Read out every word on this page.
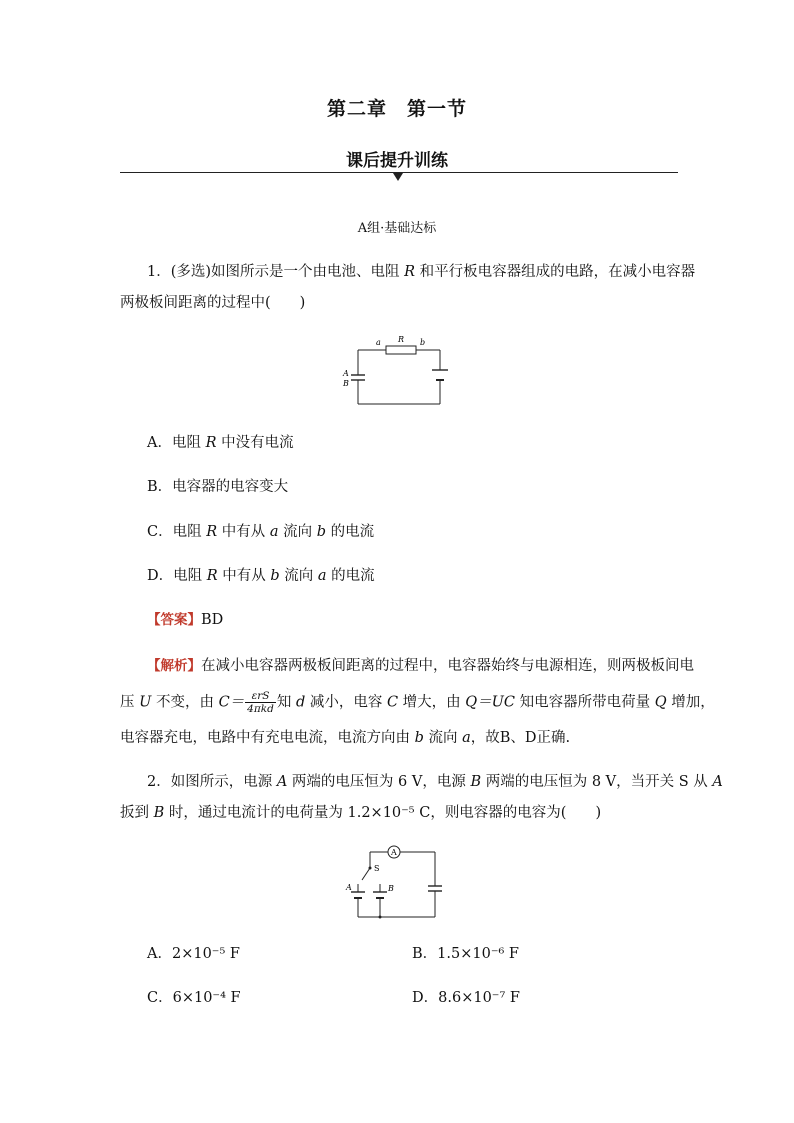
第二章　第一节
课后提升训练
A组·基础达标
1．(多选)如图所示是一个由电池、电阻 R 和平行板电容器组成的电路，在减小电容器
两极板间距离的过程中(　　)
a R b
A
B
A．电阻 R 中没有电流
B．电容器的电容变大
C．电阻 R 中有从 a 流向 b 的电流
D．电阻 R 中有从 b 流向 a 的电流
【答案】BD
【解析】在减小电容器两极板间距离的过程中，电容器始终与电源相连，则两极板间电
压 U 不变，由 $C= \frac{\text{εrS}}{\text{4πkd}}$ 知 d 减小，电容 C 增大，由 Q＝UC 知电容器所带电荷量 Q 增加，
电容器充电，电路中有充电电流，电流方向由 b 流向 a，故B、D正确.
2．如图所示，电源 A 两端的电压恒为 6 V，电源 B 两端的电压恒为 8 V，当开关 S 从 A
扳到 B 时，通过电流计的电荷量为 1.2×10⁻⁵ C，则电容器的电容为(　　)
A
S
A	B
A．2×10⁻⁵ F	B．1.5×10⁻⁶ F
C．6×10⁻⁴ F	D．8.6×10⁻⁷ F
